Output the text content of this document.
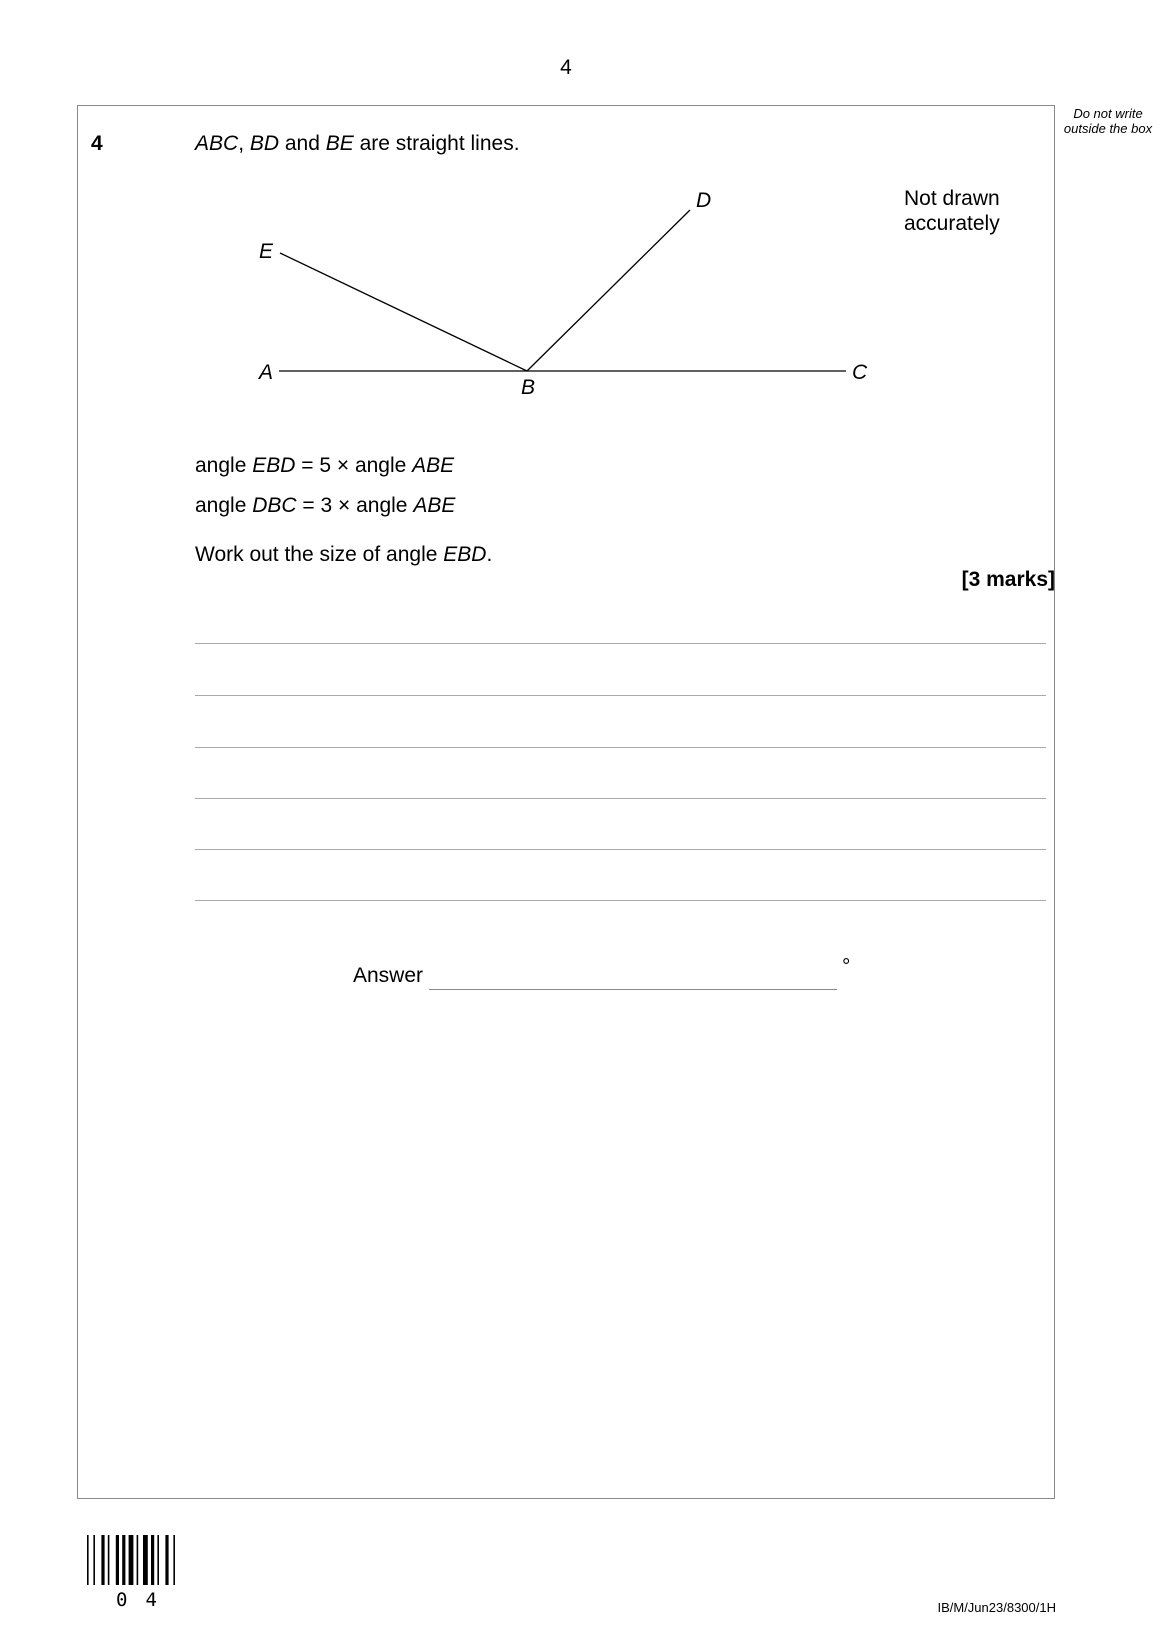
4
Do not write outside the box
4	ABC, BD and BE are straight lines.
A
B
C
D
E
Not drawn
accurately
angle EBD = 5 × angle ABE
angle DBC = 3 × angle ABE
Work out the size of angle EBD.
[3 marks]
Answer	°
04	IB/M/Jun23/8300/1H
